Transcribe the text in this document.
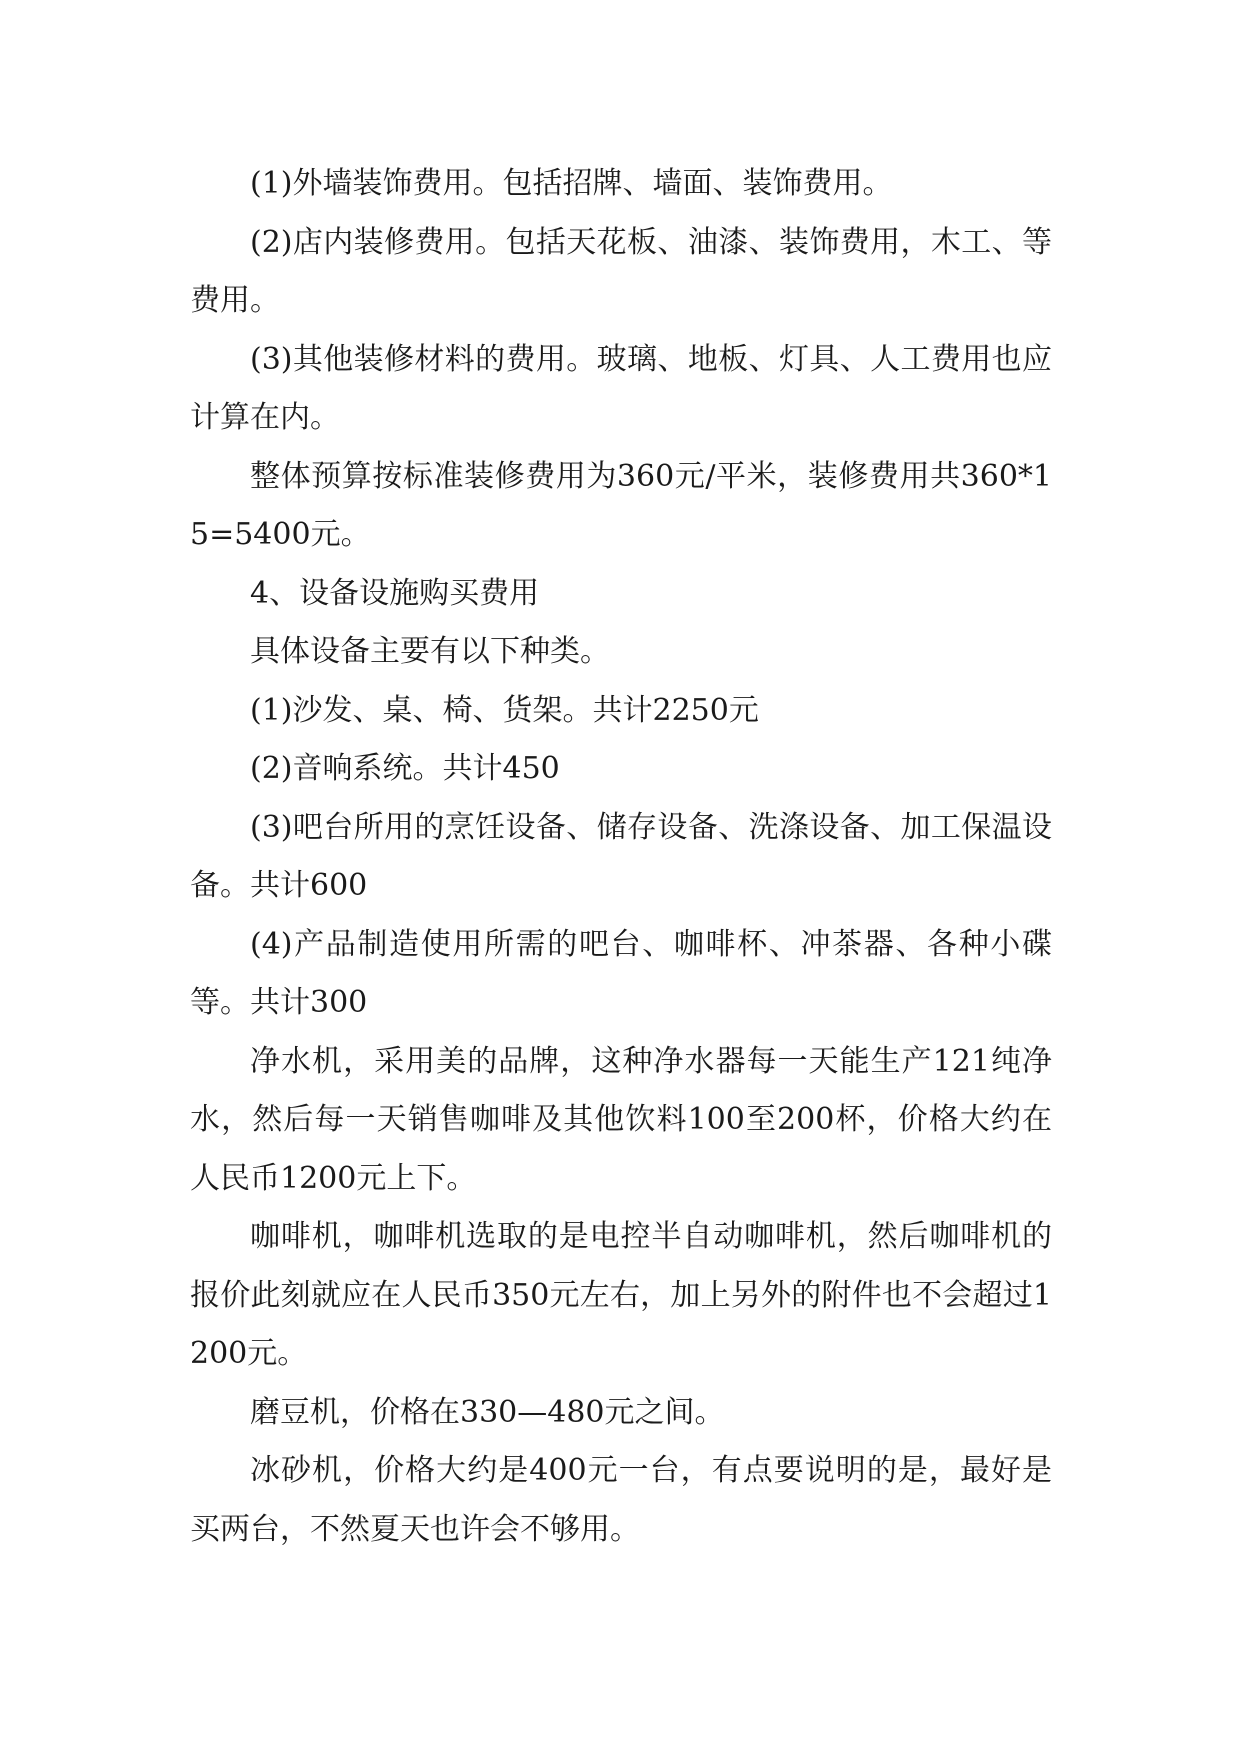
(1)外墙装饰费用。包括招牌、墙面、装饰费用。

(2)店内装修费用。包括天花板、油漆、装饰费用，木工、等费用。

(3)其他装修材料的费用。玻璃、地板、灯具、人工费用也应计算在内。

整体预算按标准装修费用为360元/平米，装修费用共360*15=5400元。

4、设备设施购买费用

具体设备主要有以下种类。

(1)沙发、桌、椅、货架。共计2250元

(2)音响系统。共计450

(3)吧台所用的烹饪设备、储存设备、洗涤设备、加工保温设备。共计600

(4)产品制造使用所需的吧台、咖啡杯、冲茶器、各种小碟等。共计300

净水机，采用美的品牌，这种净水器每一天能生产121纯净水，然后每一天销售咖啡及其他饮料100至200杯，价格大约在人民币1200元上下。

咖啡机，咖啡机选取的是电控半自动咖啡机，然后咖啡机的报价此刻就应在人民币350元左右，加上另外的附件也不会超过1200元。

磨豆机，价格在330—480元之间。

冰砂机，价格大约是400元一台，有点要说明的是，最好是买两台，不然夏天也许会不够用。
